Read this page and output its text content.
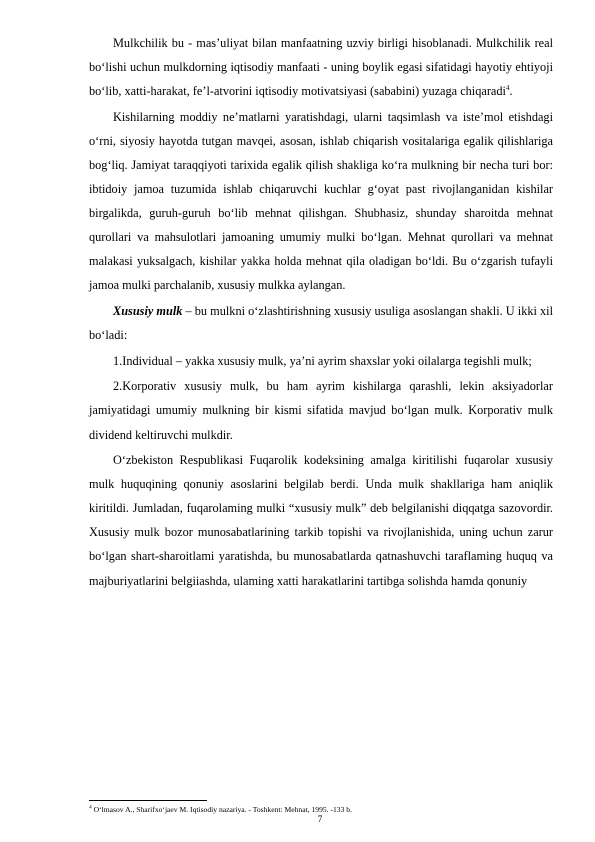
Mulkchilik bu - mas’uliyat bilan manfaatning uzviy birligi hisoblanadi. Mulkchilik real bo‘lishi uchun mulkdorning iqtisodiy manfaati - uning boylik egasi sifatidagi hayotiy ehtiyoji bo‘lib, xatti-harakat, fe’l-atvorini iqtisodiy motivatsiyasi (sababini) yuzaga chiqaradi$^4$.

Kishilarning moddiy ne’matlarni yaratishdagi, ularni taqsimlash va iste’mol etishdagi o‘rni, siyosiy hayotda tutgan mavqei, asosan, ishlab chiqarish vositalariga egalik qilishlariga bog‘liq. Jamiyat taraqqiyoti tarixida egalik qilish shakliga ko‘ra mulkning bir necha turi bor: ibtidoiy jamoa tuzumida ishlab chiqaruvchi kuchlar g‘oyat past rivojlanganidan kishilar birgalikda, guruh-guruh bo‘lib mehnat qilishgan. Shubhasiz, shunday sharoitda mehnat qurollari va mahsulotlari jamoaning umumiy mulki bo‘lgan. Mehnat qurollari va mehnat malakasi yuksalgach, kishilar yakka holda mehnat qila oladigan bo‘ldi. Bu o‘zgarish tufayli jamoa mulki parchalanib, xususiy mulkka aylangan.

Xususiy mulk – bu mulkni o‘zlashtirishning xususiy usuliga asoslangan shakli. U ikki xil bo‘ladi:

1.Individual – yakka xususiy mulk, ya’ni ayrim shaxslar yoki oilalarga tegishli mulk;

2.Korporativ xususiy mulk, bu ham ayrim kishilarga qarashli, lekin aksiyadorlar jamiyatidagi umumiy mulkning bir kismi sifatida mavjud bo‘lgan mulk. Korporativ mulk dividend keltiruvchi mulkdir.

O‘zbekiston Respublikasi Fuqarolik kodeksining amalga kiritilishi fuqarolar xususiy mulk huquqining qonuniy asoslarini belgilab berdi. Unda mulk shakllariga ham aniqlik kiritildi. Jumladan, fuqarolaming mulki “xususiy mulk” deb belgilanishi diqqatga sazovordir. Xususiy mulk bozor munosabatlarining tarkib topishi va rivojlanishida, uning uchun zarur bo‘lgan shart-sharoitlami yaratishda, bu munosabatlarda qatnashuvchi taraflaming huquq va majburiyatlarini belgiiashda, ulaming xatti harakatlarini tartibga solishda hamda qonuniy

$^4$ O‘lmasov A., Sharifxo‘jaev M. Iqtisodiy nazariya. - Toshkent: Mehnat, 1995. -133 b.
7
